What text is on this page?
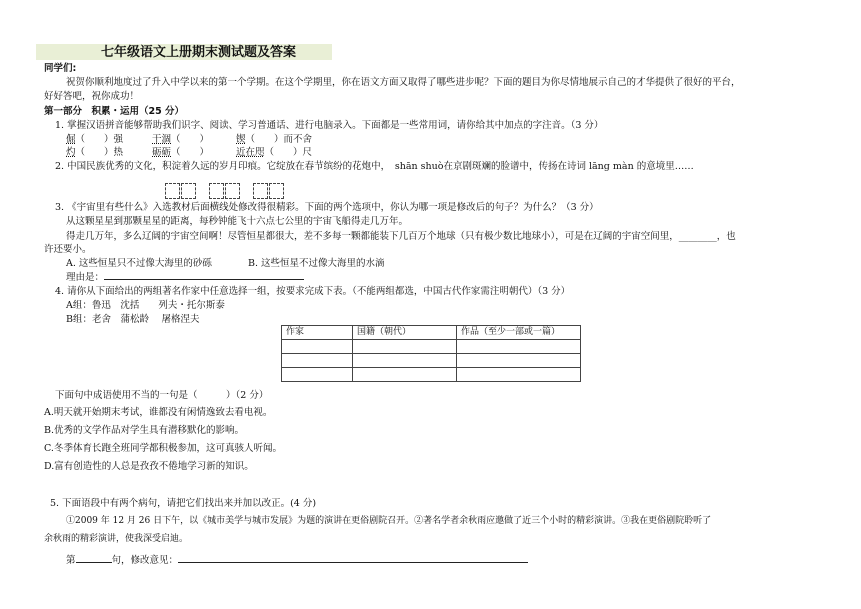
七年级语文上册期末测试题及答案
同学们:
祝贺你顺利地度过了升入中学以来的第一个学期。在这个学期里，你在语文方面又取得了哪些进步呢？下面的题目为你尽情地展示自己的才华提供了很好的平台，
好好答吧，祝你成功！
第一部分　积累・运用（25 分）
1. 掌握汉语拼音能够帮助我们识字、阅读、学习普通话、进行电脑录入。下面都是一些常用词，请你给其中加点的字注音。（3 分）
倔（　　）强	干涸（　　）	锲（　　）而不舍
灼（　　）热	砺砺（　　）	近在咫（　　）尺
2. 中国民族优秀的文化，积淀着久远的岁月印痕。它绽放在春节缤纷的花炮中，　shān shuò在京剧斑斓的脸谱中，传扬在诗词 lāng màn 的意境里……
3. 《宇宙里有些什么》入选教材后面横线处修改得很精彩。下面的两个选项中，你认为哪一项是修改后的句子？为什么？（3 分）
从这颗星星到那颗星星的距离，每秒钟能飞十六点七公里的宇宙飞船得走几万年。
得走几万年，多么辽阔的宇宙空间啊！尽管恒星都很大，差不多每一颗都能装下几百万个地球（只有极少数比地球小），可是在辽阔的宇宙空间里，________，也
许还要小。
A. 这些恒星只不过像大海里的砂砾	B. 这些恒星不过像大海里的水滴
理由是：
4. 请你从下面给出的两组著名作家中任意选择一组，按要求完成下表。（不能两组都选，中国古代作家需注明朝代）（3 分）
A组：鲁迅　沈括　　列夫・托尔斯泰
B组：老舍　蒲松龄　 屠格涅夫
作家	国籍（朝代）	作品（至少一部或一篇）

下面句中成语使用不当的一句是（　　　）（2 分）
A.明天就开始期末考试，谁都没有闲情逸致去看电视。
B.优秀的文学作品对学生具有潜移默化的影响。
C.冬季体育长跑全班同学都积极参加，这可真骇人听闻。
D.富有创造性的人总是孜孜不倦地学习新的知识。
5. 下面语段中有两个病句，请把它们找出来并加以改正。(4 分)
①2009 年 12 月 26 日下午，以《城市美学与城市发展》为题的演讲在更俗剧院召开。②著名学者余秋雨应邀做了近三个小时的精彩演讲。③我在更俗剧院聆听了
余秋雨的精彩演讲，使我深受启迪。
第	句，修改意见：
